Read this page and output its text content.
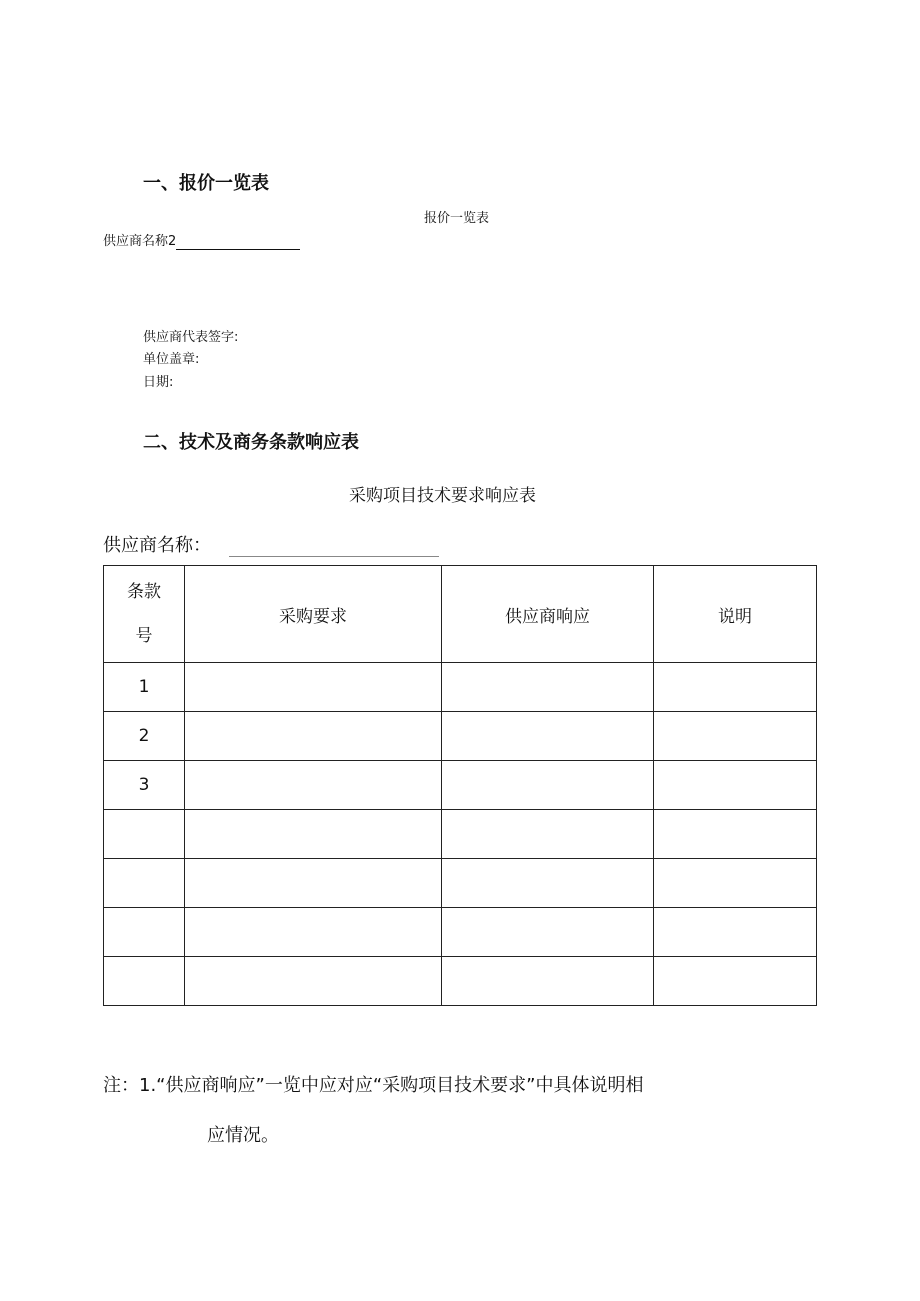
一、报价一览表
报价一览表
供应商名称2
供应商代表签字:
单位盖章:
日期:
二、技术及商务条款响应表
采购项目技术要求响应表
供应商名称：
条款号	采购要求	供应商响应	说明
1			
2			
3			

注：1.“供应商响应”一览中应对应“采购项目技术要求”中具体说明相
应情况。
